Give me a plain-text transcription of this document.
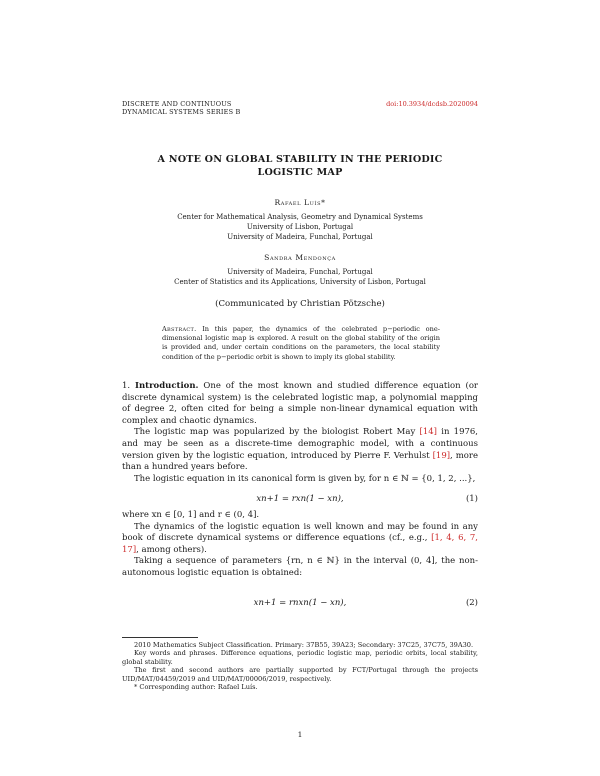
DISCRETE AND CONTINUOUS
DYNAMICAL SYSTEMS SERIES B
doi:10.3934/dcdsb.2020094
A NOTE ON GLOBAL STABILITY IN THE PERIODIC
LOGISTIC MAP
Rafael Luís*
Center for Mathematical Analysis, Geometry and Dynamical Systems
University of Lisbon, Portugal
University of Madeira, Funchal, Portugal
Sandra Mendonça
University of Madeira, Funchal, Portugal
Center of Statistics and its Applications, University of Lisbon, Portugal
(Communicated by Christian Pötzsche)
Abstract. In this paper, the dynamics of the celebrated p−periodic one-dimensional logistic map is explored. A result on the global stability of the origin is provided and, under certain conditions on the parameters, the local stability condition of the p−periodic orbit is shown to imply its global stability.

1. Introduction. One of the most known and studied difference equation (or discrete dynamical system) is the celebrated logistic map, a polynomial mapping of degree 2, often cited for being a simple non-linear dynamical equation with complex and chaotic dynamics.

The logistic map was popularized by the biologist Robert May [14] in 1976, and may be seen as a discrete-time demographic model, with a continuous version given by the logistic equation, introduced by Pierre F. Verhulst [19], more than a hundred years before.

The logistic equation in its canonical form is given by, for n ∈ ℕ = {0, 1, 2, ...},

xn+1 = rxn(1 − xn),	(1)

where xn ∈ [0, 1] and r ∈ (0, 4].

The dynamics of the logistic equation is well known and may be found in any book of discrete dynamical systems or difference equations (cf., e.g., [1, 4, 6, 7, 17], among others).

Taking a sequence of parameters {rn, n ∈ ℕ} in the interval (0, 4], the non-autonomous logistic equation is obtained:

xn+1 = rnxn(1 − xn),	(2)

2010 Mathematics Subject Classification. Primary: 37B55, 39A23; Secondary: 37C25, 37C75, 39A30.

Key words and phrases. Difference equations, periodic logistic map, periodic orbits, local stability, global stability.

The first and second authors are partially supported by FCT/Portugal through the projects UID/MAT/04459/2019 and UID/MAT/00006/2019, respectively.

* Corresponding author: Rafael Luís.

1
